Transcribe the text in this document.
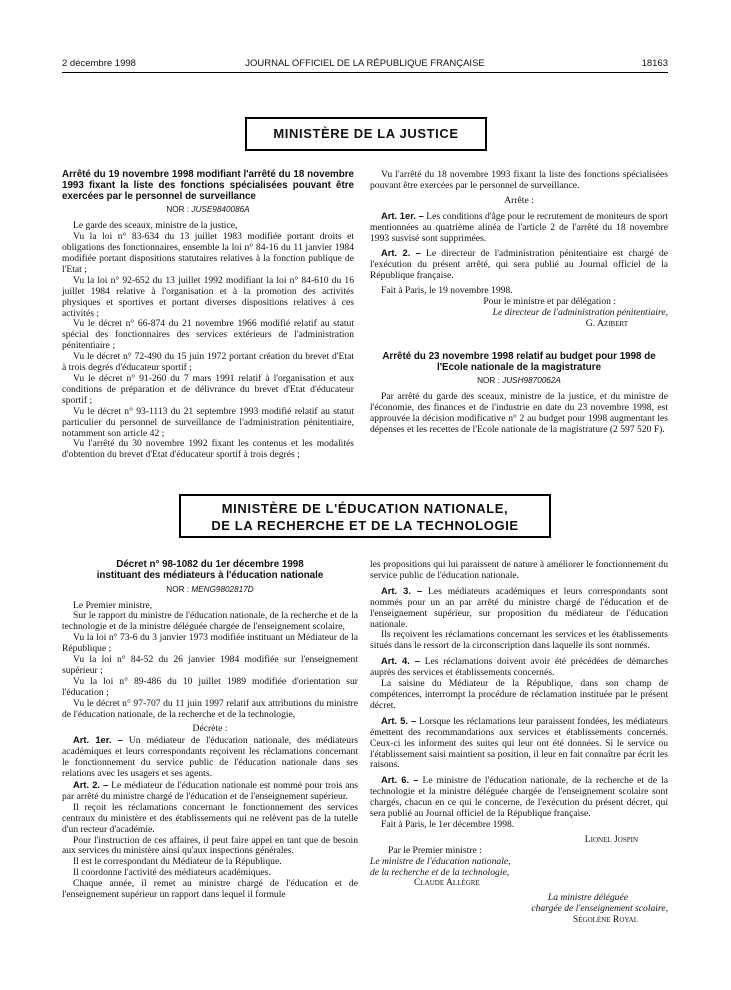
2 décembre 1998	JOURNAL OFFICIEL DE LA RÉPUBLIQUE FRANÇAISE	18163
MINISTÈRE DE LA JUSTICE
Arrêté du 19 novembre 1998 modifiant l'arrêté du 18 novembre 1993 fixant la liste des fonctions spécialisées pouvant être exercées par le personnel de surveillance
NOR : JUSE9840086A

Le garde des sceaux, ministre de la justice,

Vu la loi n° 83-634 du 13 juillet 1983 modifiée portant droits et obligations des fonctionnaires, ensemble la loi n° 84-16 du 11 janvier 1984 modifiée portant dispositions statutaires relatives à la fonction publique de l'Etat ;

Vu la loi n° 92-652 du 13 juillet 1992 modifiant la loi n° 84-610 du 16 juillet 1984 relative à l'organisation et à la promotion des activités physiques et sportives et portant diverses dispositions relatives à ces activités ;

Vu le décret n° 66-874 du 21 novembre 1966 modifié relatif au statut spécial des fonctionnaires des services extérieurs de l'administration pénitentiaire ;

Vu le décret n° 72-490 du 15 juin 1972 portant création du brevet d'Etat à trois degrés d'éducateur sportif ;

Vu le décret n° 91-260 du 7 mars 1991 relatif à l'organisation et aux conditions de préparation et de délivrance du brevet d'Etat d'éducateur sportif ;

Vu le décret n° 93-1113 du 21 septembre 1993 modifié relatif au statut particulier du personnel de surveillance de l'administration pénitentiaire, notamment son article 42 ;

Vu l'arrêté du 30 novembre 1992 fixant les contenus et les modalités d'obtention du brevet d'Etat d'éducateur sportif à trois degrés ;

Vu l'arrêté du 18 novembre 1993 fixant la liste des fonctions spécialisées pouvant être exercées par le personnel de surveillance.

Arrête :

Art. 1er. – Les conditions d'âge pour le recrutement de moniteurs de sport mentionnées au quatrième alinéa de l'article 2 de l'arrêté du 18 novembre 1993 susvisé sont supprimées.

Art. 2. – Le directeur de l'administration pénitentiaire est chargé de l'exécution du présent arrêté, qui sera publié au Journal officiel de la République française.

Fait à Paris, le 19 novembre 1998.

Pour le ministre et par délégation :

Le directeur de l'administration pénitentiaire,

G. Azibert

Arrêté du 23 novembre 1998 relatif au budget pour 1998 de l'Ecole nationale de la magistrature
NOR : JUSH9870062A

Par arrêté du garde des sceaux, ministre de la justice, et du ministre de l'économie, des finances et de l'industrie en date du 23 novembre 1998, est approuvée la décision modificative n° 2 au budget pour 1998 augmentant les dépenses et les recettes de l'Ecole nationale de la magistrature (2 597 520 F).

MINISTÈRE DE L'ÉDUCATION NATIONALE,
DE LA RECHERCHE ET DE LA TECHNOLOGIE
Décret n° 98-1082 du 1er décembre 1998
instituant des médiateurs à l'éducation nationale
NOR : MENG9802817D

Le Premier ministre,

Sur le rapport du ministre de l'éducation nationale, de la recherche et de la technologie et de la ministre déléguée chargée de l'enseignement scolaire,

Vu la loi n° 73-6 du 3 janvier 1973 modifiée instituant un Médiateur de la République ;

Vu la loi n° 84-52 du 26 janvier 1984 modifiée sur l'enseignement supérieur ;

Vu la loi n° 89-486 du 10 juillet 1989 modifiée d'orientation sur l'éducation ;

Vu le décret n° 97-707 du 11 juin 1997 relatif aux attributions du ministre de l'éducation nationale, de la recherche et de la technologie,

Décrète :

Art. 1er. – Un médiateur de l'éducation nationale, des médiateurs académiques et leurs correspondants reçoivent les réclamations concernant le fonctionnement du service public de l'éducation nationale dans ses relations avec les usagers et ses agents.

Art. 2. – Le médiateur de l'éducation nationale est nommé pour trois ans par arrêté du ministre chargé de l'éducation et de l'enseignement supérieur.

Il reçoit les réclamations concernant le fonctionnement des services centraux du ministère et des établissements qui ne relèvent pas de la tutelle d'un recteur d'académie.

Pour l'instruction de ces affaires, il peut faire appel en tant que de besoin aux services du ministère ainsi qu'aux inspections générales.

Il est le correspondant du Médiateur de la République.

Il coordonne l'activité des médiateurs académiques.

Chaque année, il remet au ministre chargé de l'éducation et de l'enseignement supérieur un rapport dans lequel il formule

les propositions qui lui paraissent de nature à améliorer le fonctionnement du service public de l'éducation nationale.

Art. 3. – Les médiateurs académiques et leurs correspondants sont nommés pour un an par arrêté du ministre chargé de l'éducation et de l'enseignement supérieur, sur proposition du médiateur de l'éducation nationale.

Ils reçoivent les réclamations concernant les services et les établissements situés dans le ressort de la circonscription dans laquelle ils sont nommés.

Art. 4. – Les réclamations doivent avoir été précédées de démarches auprès des services et établissements concernés.

La saisine du Médiateur de la République, dans son champ de compétences, interrompt la procédure de réclamation instituée par le présent décret.

Art. 5. – Lorsque les réclamations leur paraissent fondées, les médiateurs émettent des recommandations aux services et établissements concernés. Ceux-ci les informent des suites qui leur ont été données. Si le service ou l'établissement saisi maintient sa position, il leur en fait connaître par écrit les raisons.

Art. 6. – Le ministre de l'éducation nationale, de la recherche et de la technologie et la ministre déléguée chargée de l'enseignement scolaire sont chargés, chacun en ce qui le concerne, de l'exécution du présent décret, qui sera publié au Journal officiel de la République française.

Fait à Paris, le 1er décembre 1998.

Lionel Jospin

Par le Premier ministre :

Le ministre de l'éducation nationale,

de la recherche et de la technologie,

Claude Allègre

La ministre déléguée

chargée de l'enseignement scolaire,

Ségolène Royal
